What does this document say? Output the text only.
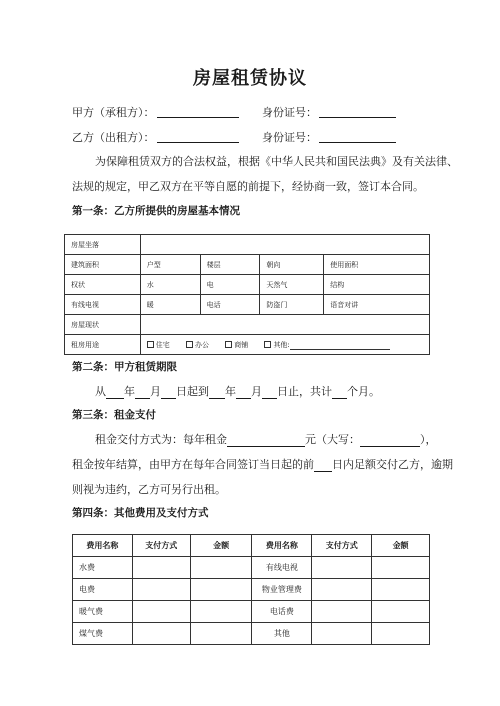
房屋租赁协议
甲方（承租方）：	身份证号：
乙方（出租方）：	身份证号：
为保障租赁双方的合法权益，根据《中华人民共和国民法典》及有关法律、
法规的规定，甲乙双方在平等自愿的前提下，经协商一致，签订本合同。
第一条：乙方所提供的房屋基本情况
房屋坐落				
建筑面积	户型	楼层	朝向	使用面积
权状	水	电	天然气	结构
有线电视	暖	电话	防盗门	语音对讲
房屋现状				
租房用途	住宅 办公 商铺 其他:			
第二条：甲方租赁期限
从 年 月 日起到 年 月 日止，共计 个月。
第三条：租金支付
租金交付方式为：每年租金	元（大写：	），
租金按年结算，由甲方在每年合同签订当日起的前 日内足额交付乙方，逾期
则视为违约，乙方可另行出租。
第四条：其他费用及支付方式
费用名称	支付方式	金额	费用名称	支付方式	金额
水费			有线电视		
电费			物业管理费		
暖气费			电话费		
煤气费			其他		
